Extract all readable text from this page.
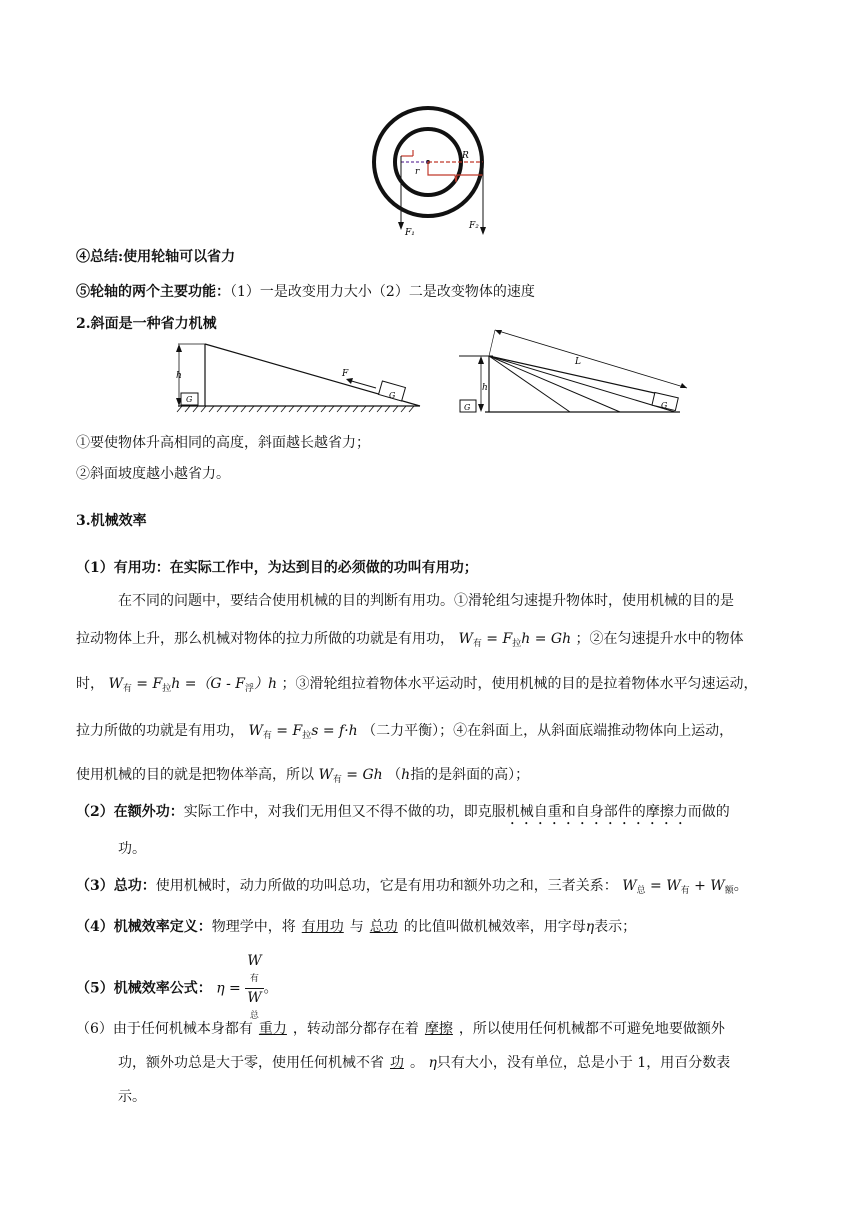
r
R
F₁
F₂
④总结:使用轮轴可以省力
⑤轮轴的两个主要功能：（1）一是改变用力大小（2）二是改变物体的速度
2.斜面是一种省力机械
h
G	G
F
L
h
G	G
①要使物体升高相同的高度，斜面越长越省力；
②斜面坡度越小越省力。
3.机械效率
（1）有用功：在实际工作中，为达到目的必须做的功叫有用功；
在不同的问题中，要结合使用机械的目的判断有用功。①滑轮组匀速提升物体时，使用机械的目的是
拉动物体上升，那么机械对物体的拉力所做的功就是有用功， $W_有 = F_拉h = Gh$ ；②在匀速提升水中的物体
时， $W_有 = F_拉h =(G - F_浮)h$ ；③滑轮组拉着物体水平运动时，使用机械的目的是拉着物体水平匀速运动，
拉力所做的功就是有用功， $W_有 = F_拉s = f\cdot h$ （二力平衡）；④在斜面上，从斜面底端推动物体向上运动，
使用机械的目的就是把物体举高，所以 $W_有 = Gh$ （h指的是斜面的高）；
（2）在额外功：实际工作中，对我们无用但又不得不做的功，即克服机械自重和自身部件的摩擦力而做的
功。
（3）总功：使用机械时，动力所做的功叫总功，它是有用功和额外功之和，三者关系： $W_总 = W_有 + W_额$。
（4）机械效率定义：物理学中，将 有用功 与 总功 的比值叫做机械效率，用字母η表示；
（5）机械效率公式： η = W
有
W
总 。
（6）由于任何机械本身都有 重力 ，转动部分都存在着 摩擦 ，所以使用任何机械都不可避免地要做额外
功，额外功总是大于零，使用任何机械不省 功 。 η只有大小，没有单位，总是小于 1，用百分数表
示。
